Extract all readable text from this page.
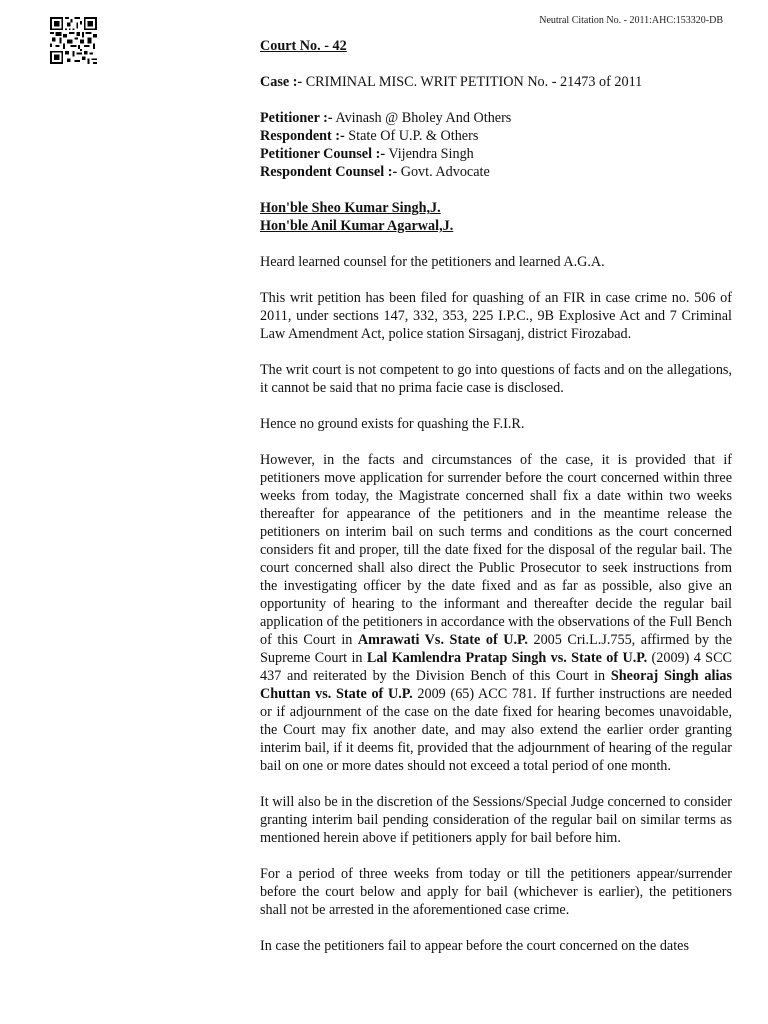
Neutral Citation No. - 2011:AHC:153320-DB
Court No. - 42
Case :- CRIMINAL MISC. WRIT PETITION No. - 21473 of 2011
Petitioner :- Avinash @ Bholey And Others
Respondent :- State Of U.P. & Others
Petitioner Counsel :- Vijendra Singh
Respondent Counsel :- Govt. Advocate
Hon'ble Sheo Kumar Singh,J.
Hon'ble Anil Kumar Agarwal,J.

Heard learned counsel for the petitioners and learned A.G.A.

This writ petition has been filed for quashing of an FIR in case crime no. 506 of 2011, under sections 147, 332, 353, 225 I.P.C., 9B Explosive Act and 7 Criminal Law Amendment Act, police station Sirsaganj, district Firozabad.

The writ court is not competent to go into questions of facts and on the allegations, it cannot be said that no prima facie case is disclosed.

Hence no ground exists for quashing the F.I.R.

However, in the facts and circumstances of the case, it is provided that if petitioners move application for surrender before the court concerned within three weeks from today, the Magistrate concerned shall fix a date within two weeks thereafter for appearance of the petitioners and in the meantime release the petitioners on interim bail on such terms and conditions as the court concerned considers fit and proper, till the date fixed for the disposal of the regular bail. The court concerned shall also direct the Public Prosecutor to seek instructions from the investigating officer by the date fixed and as far as possible, also give an opportunity of hearing to the informant and thereafter decide the regular bail application of the petitioners in accordance with the observations of the Full Bench of this Court in Amrawati Vs. State of U.P. 2005 Cri.L.J.755, affirmed by the Supreme Court in Lal Kamlendra Pratap Singh vs. State of U.P. (2009) 4 SCC 437 and reiterated by the Division Bench of this Court in Sheoraj Singh alias Chuttan vs. State of U.P. 2009 (65) ACC 781. If further instructions are needed or if adjournment of the case on the date fixed for hearing becomes unavoidable, the Court may fix another date, and may also extend the earlier order granting interim bail, if it deems fit, provided that the adjournment of hearing of the regular bail on one or more dates should not exceed a total period of one month.

It will also be in the discretion of the Sessions/Special Judge concerned to consider granting interim bail pending consideration of the regular bail on similar terms as mentioned herein above if petitioners apply for bail before him.

For a period of three weeks from today or till the petitioners appear/surrender before the court below and apply for bail (whichever is earlier), the petitioners shall not be arrested in the aforementioned case crime.

In case the petitioners fail to appear before the court concerned on the dates
